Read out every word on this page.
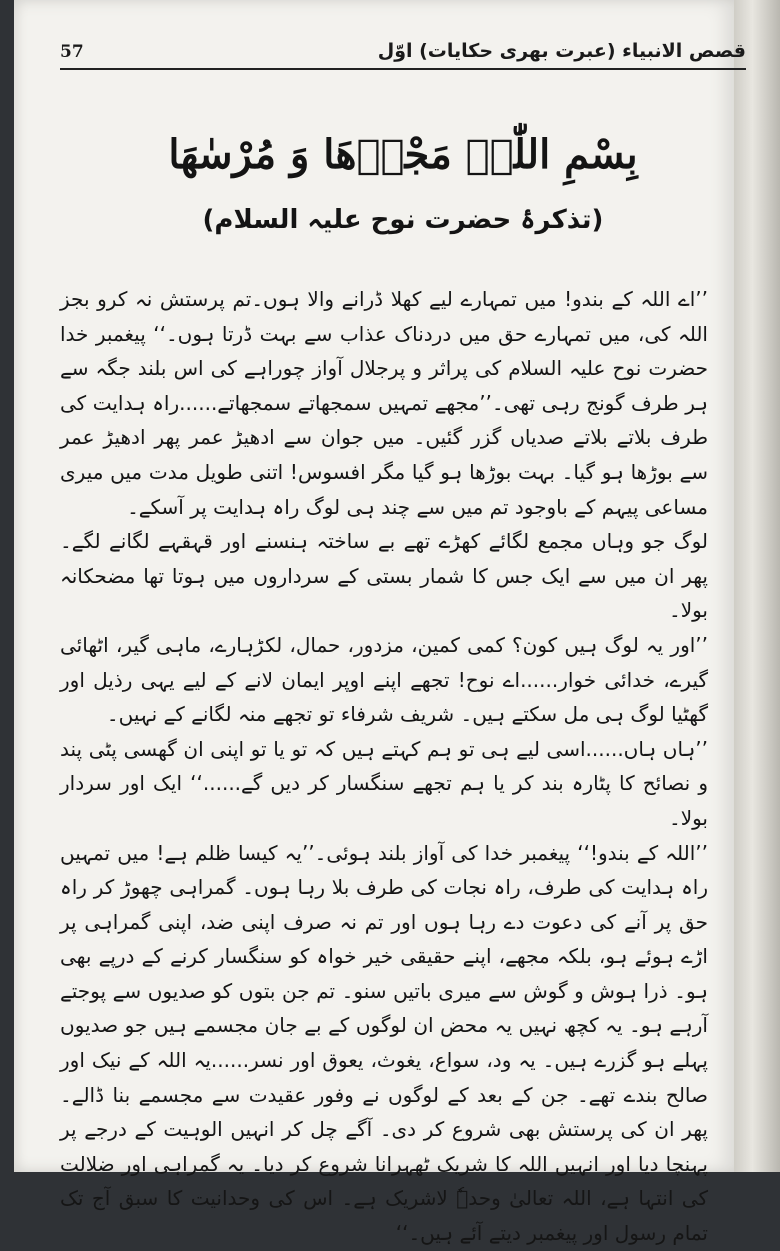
57	قصص الانبیاء (عبرت بھری حکایات) اوّل
بِسْمِ اللّٰہِ مَجْرٖھَا وَ مُرْسٰھَا
(تذکرۂ حضرت نوح علیہ السلام)

’’اے اللہ کے بندو! میں تمہارے لیے کھلا ڈرانے والا ہوں۔تم پرستش نہ کرو بجز اللہ کی، میں تمہارے حق میں دردناک عذاب سے بہت ڈرتا ہوں۔‘‘ پیغمبر خدا حضرت نوح علیہ السلام کی پراثر و پرجلال آواز چوراہے کی اس بلند جگہ سے ہر طرف گونج رہی تھی۔’’مجھے تمہیں سمجھاتے سمجھاتے......راہ ہدایت کی طرف بلاتے بلاتے صدیاں گزر گئیں۔ میں جوان سے ادھیڑ عمر پھر ادھیڑ عمر سے بوڑھا ہو گیا۔ بہت بوڑھا ہو گیا مگر افسوس! اتنی طویل مدت میں میری مساعی پیہم کے باوجود تم میں سے چند ہی لوگ راہ ہدایت پر آسکے۔

لوگ جو وہاں مجمع لگائے کھڑے تھے بے ساختہ ہنسنے اور قہقہے لگانے لگے۔ پھر ان میں سے ایک جس کا شمار بستی کے سرداروں میں ہوتا تھا مضحکانہ بولا۔

’’اور یہ لوگ ہیں کون؟ کمی کمین، مزدور، حمال، لکڑہارے، ماہی گیر، اٹھائی گیرے، خدائی خوار......اے نوح! تجھے اپنے اوپر ایمان لانے کے لیے یہی رذیل اور گھٹیا لوگ ہی مل سکتے ہیں۔ شریف شرفاء تو تجھے منہ لگانے کے نہیں۔

’’ہاں ہاں......اسی لیے ہی تو ہم کہتے ہیں کہ تو یا تو اپنی ان گھسی پٹی پند و نصائح کا پٹارہ بند کر یا ہم تجھے سنگسار کر دیں گے......‘‘ ایک اور سردار بولا۔

’’اللہ کے بندو!‘‘ پیغمبر خدا کی آواز بلند ہوئی۔’’یہ کیسا ظلم ہے! میں تمہیں راہ ہدایت کی طرف، راہ نجات کی طرف بلا رہا ہوں۔ گمراہی چھوڑ کر راہ حق پر آنے کی دعوت دے رہا ہوں اور تم نہ صرف اپنی ضد، اپنی گمراہی پر اڑے ہوئے ہو، بلکہ مجھے، اپنے حقیقی خیر خواہ کو سنگسار کرنے کے درپے بھی ہو۔ ذرا ہوش و گوش سے میری باتیں سنو۔ تم جن بتوں کو صدیوں سے پوجتے آرہے ہو۔ یہ کچھ نہیں یہ محض ان لوگوں کے بے جان مجسمے ہیں جو صدیوں پہلے ہو گزرے ہیں۔ یہ ود، سواع، یغوث، یعوق اور نسر......یہ اللہ کے نیک اور صالح بندے تھے۔ جن کے بعد کے لوگوں نے وفور عقیدت سے مجسمے بنا ڈالے۔ پھر ان کی پرستش بھی شروع کر دی۔ آگے چل کر انہیں الوہیت کے درجے پر پہنچا دیا اور انہیں اللہ کا شریک ٹھہرانا شروع کر دیا۔ یہ گمراہی اور ضلالت کی انتہا ہے، اللہ تعالیٰ وحدہٗ لاشریک ہے۔ اس کی وحدانیت کا سبق آج تک تمام رسول اور پیغمبر دیتے آئے ہیں۔‘‘
